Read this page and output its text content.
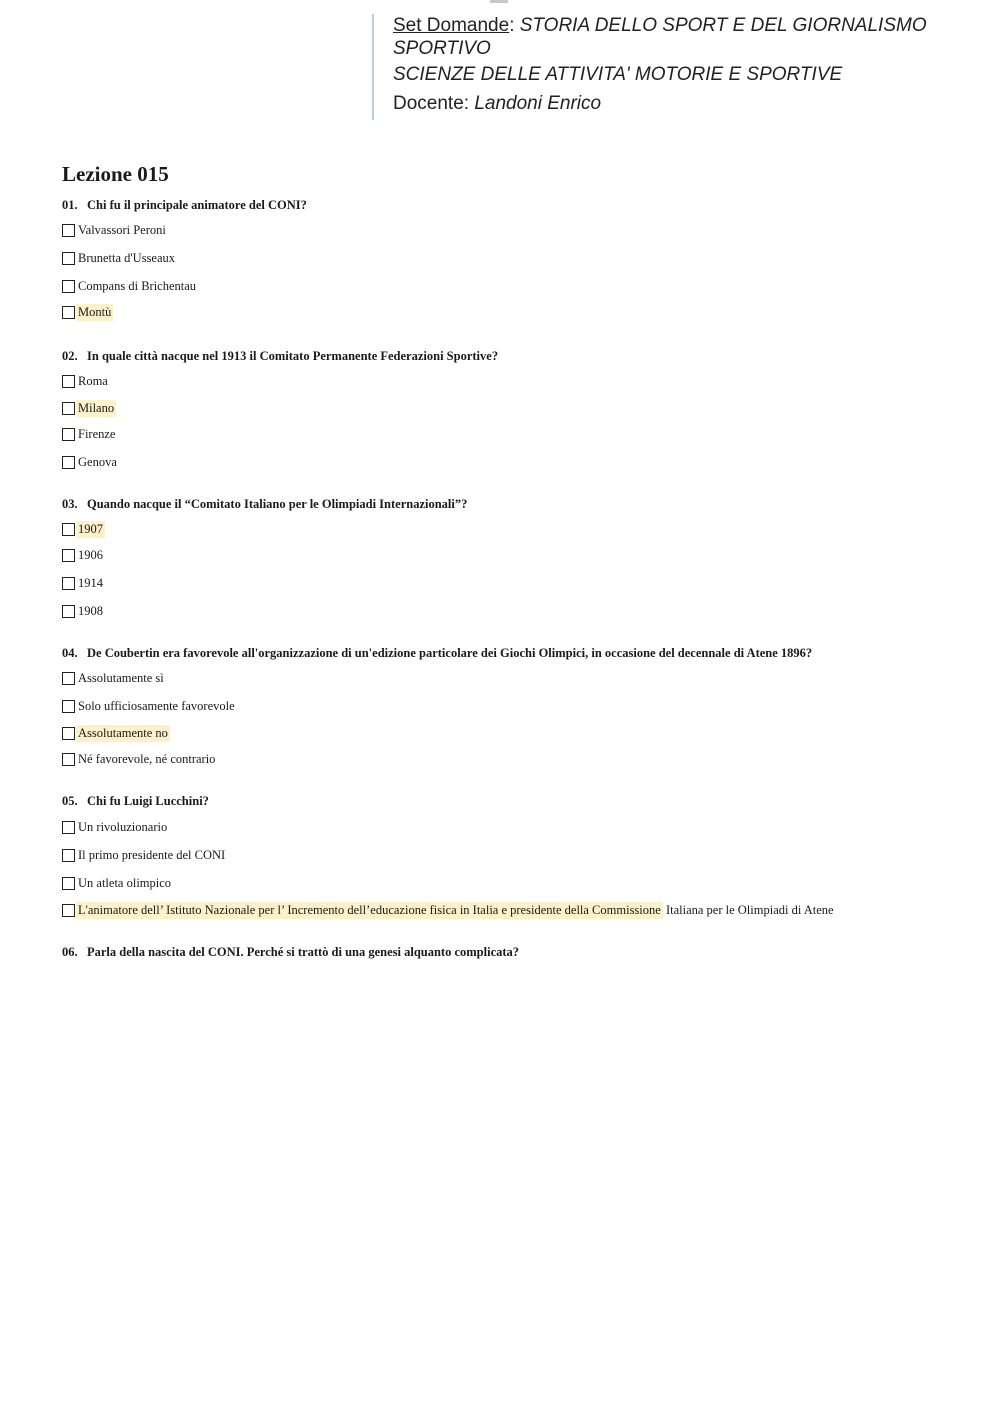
Set Domande: STORIA DELLO SPORT E DEL GIORNALISMO SPORTIVO
SCIENZE DELLE ATTIVITA' MOTORIE E SPORTIVE
Docente: Landoni Enrico
Lezione 015
01. Chi fu il principale animatore del CONI?
Valvassori Peroni
Brunetta d'Usseaux
Compans di Brichentau
Montù
02. In quale città nacque nel 1913 il Comitato Permanente Federazioni Sportive?
Roma
Milano
Firenze
Genova
03. Quando nacque il “Comitato Italiano per le Olimpiadi Internazionali”?
1907
1906
1914
1908
04. De Coubertin era favorevole all'organizzazione di un'edizione particolare dei Giochi Olimpici, in occasione del decennale di Atene 1896?
Assolutamente sì
Solo ufficiosamente favorevole
Assolutamente no
Né favorevole, né contrario
05. Chi fu Luigi Lucchini?
Un rivoluzionario
Il primo presidente del CONI
Un atleta olimpico
L'animatore dell’ Istituto Nazionale per l’ Incremento dell’educazione fisica in Italia e presidente della Commissione Italiana per le Olimpiadi di Atene
06. Parla della nascita del CONI. Perché si trattò di una genesi alquanto complicata?
